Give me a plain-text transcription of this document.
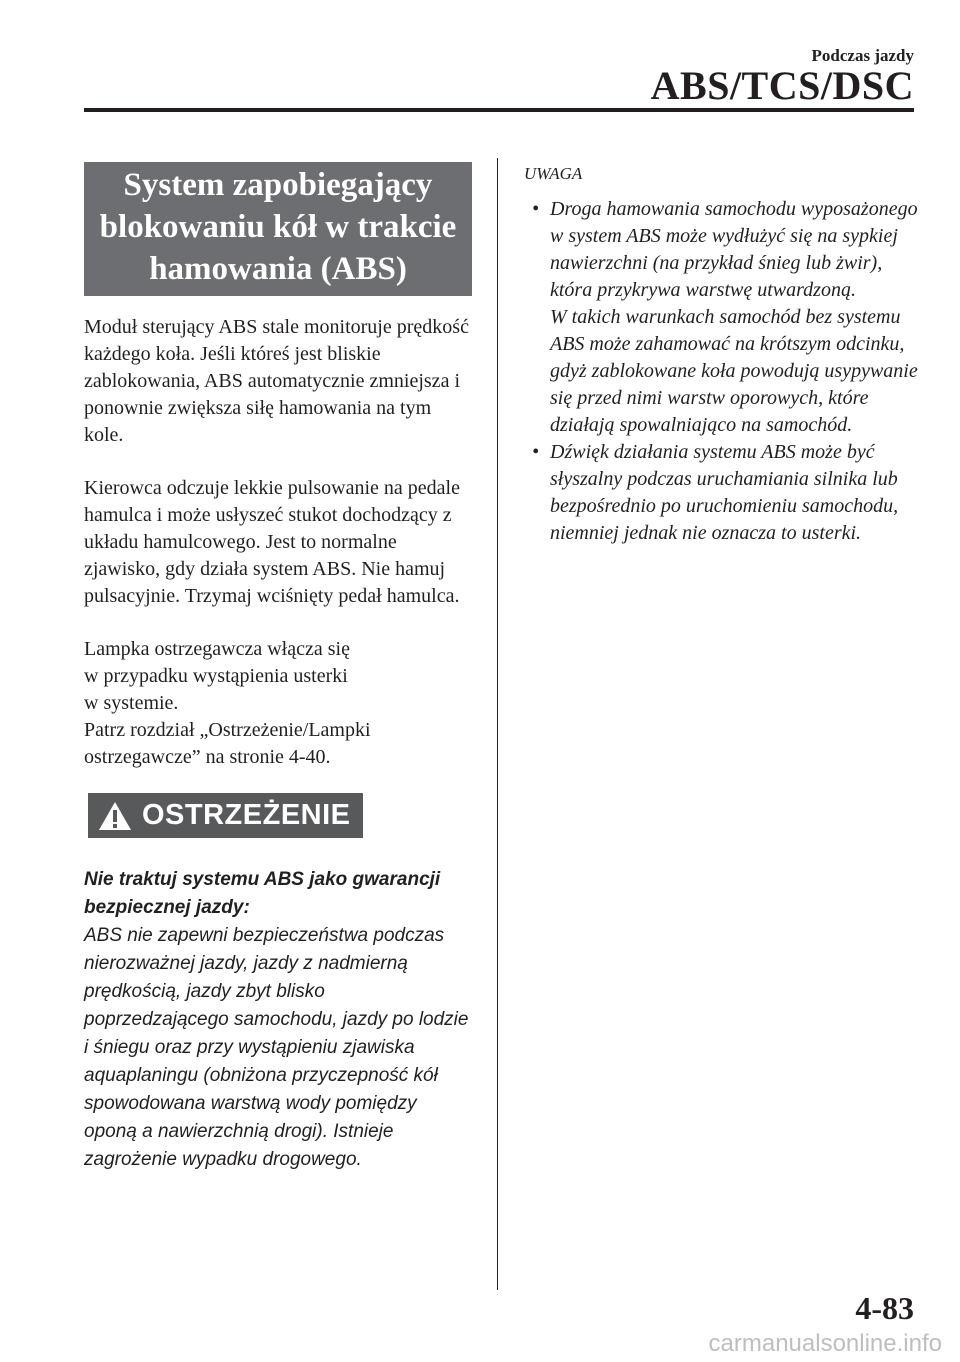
Podczas jazdy
ABS/TCS/DSC
System zapobiegający blokowaniu kół w trakcie hamowania (ABS)

Moduł sterujący ABS stale monitoruje prędkość każdego koła. Jeśli któreś jest bliskie zablokowania, ABS automatycznie zmniejsza i ponownie zwiększa siłę hamowania na tym kole.

Kierowca odczuje lekkie pulsowanie na pedale hamulca i może usłyszeć stukot dochodzący z układu hamulcowego. Jest to normalne zjawisko, gdy działa system ABS. Nie hamuj pulsacyjnie. Trzymaj wciśnięty pedał hamulca.

Lampka ostrzegawcza włącza się
w przypadku wystąpienia usterki
w systemie.
Patrz rozdział „Ostrzeżenie/Lampki ostrzegawcze” na stronie 4-40.
OSTRZEŻENIE
Nie traktuj systemu ABS jako gwarancji bezpiecznej jazdy:
ABS nie zapewni bezpieczeństwa podczas nierozważnej jazdy, jazdy z nadmierną prędkością, jazdy zbyt blisko poprzedzającego samochodu, jazdy po lodzie i śniegu oraz przy wystąpieniu zjawiska aquaplaningu (obniżona przyczepność kół spowodowana warstwą wody pomiędzy oponą a nawierzchnią drogi). Istnieje zagrożenie wypadku drogowego.
UWAGA
• Droga hamowania samochodu wyposażonego w system ABS może wydłużyć się na sypkiej nawierzchni (na przykład śnieg lub żwir), która przykrywa warstwę utwardzoną.
W takich warunkach samochód bez systemu ABS może zahamować na krótszym odcinku, gdyż zablokowane koła powodują usypywanie się przed nimi warstw oporowych, które działają spowalniająco na samochód.
• Dźwięk działania systemu ABS może być słyszalny podczas uruchamiania silnika lub bezpośrednio po uruchomieniu samochodu, niemniej jednak nie oznacza to usterki.
4-83
carmanualsonline.info
